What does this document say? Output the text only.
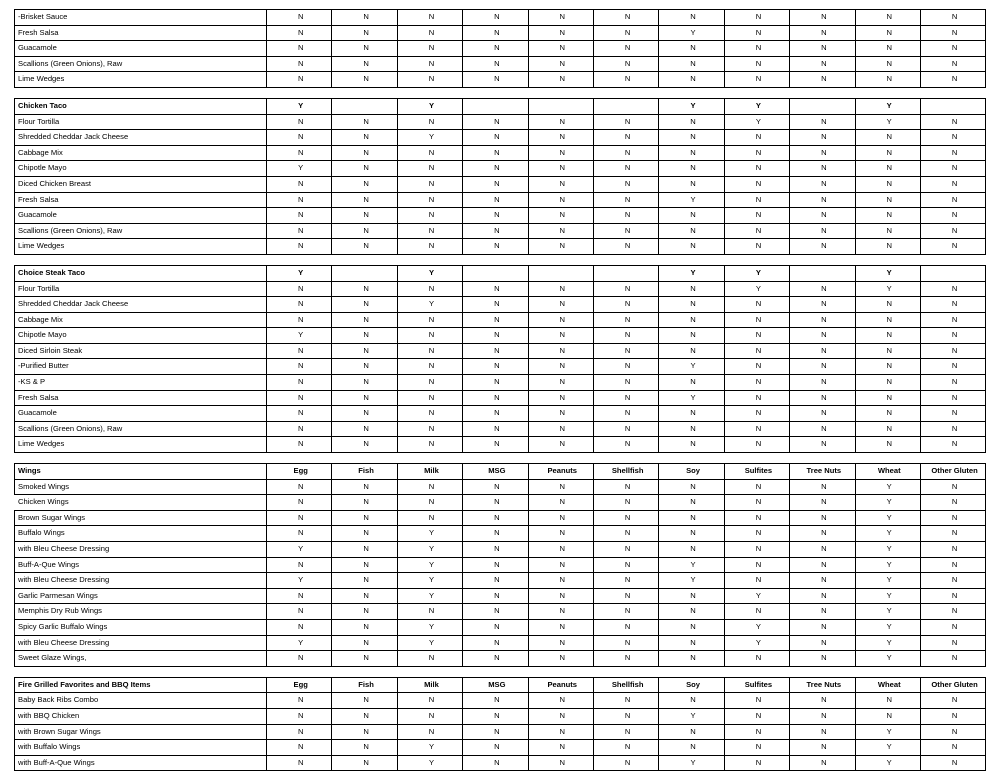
-Brisket Sauce	N	N	N	N	N	N	N	N	N	N	N
Fresh Salsa	N	N	N	N	N	N	Y	N	N	N	N
Guacamole	N	N	N	N	N	N	N	N	N	N	N
Scallions (Green Onions), Raw	N	N	N	N	N	N	N	N	N	N	N
Lime Wedges	N	N	N	N	N	N	N	N	N	N	N

Chicken Taco	Y		Y				Y	Y		Y	
Flour Tortilla	N	N	N	N	N	N	N	Y	N	Y	N
Shredded Cheddar Jack Cheese	N	N	Y	N	N	N	N	N	N	N	N
Cabbage Mix	N	N	N	N	N	N	N	N	N	N	N
Chipotle Mayo	Y	N	N	N	N	N	N	N	N	N	N
Diced Chicken Breast	N	N	N	N	N	N	N	N	N	N	N
Fresh Salsa	N	N	N	N	N	N	Y	N	N	N	N
Guacamole	N	N	N	N	N	N	N	N	N	N	N
Scallions (Green Onions), Raw	N	N	N	N	N	N	N	N	N	N	N
Lime Wedges	N	N	N	N	N	N	N	N	N	N	N

Choice Steak Taco	Y		Y				Y	Y		Y	
Flour Tortilla	N	N	N	N	N	N	N	Y	N	Y	N
Shredded Cheddar Jack Cheese	N	N	Y	N	N	N	N	N	N	N	N
Cabbage Mix	N	N	N	N	N	N	N	N	N	N	N
Chipotle Mayo	Y	N	N	N	N	N	N	N	N	N	N
Diced Sirloin Steak	N	N	N	N	N	N	N	N	N	N	N
-Purified Butter	N	N	N	N	N	N	Y	N	N	N	N
-KS & P	N	N	N	N	N	N	N	N	N	N	N
Fresh Salsa	N	N	N	N	N	N	Y	N	N	N	N
Guacamole	N	N	N	N	N	N	N	N	N	N	N
Scallions (Green Onions), Raw	N	N	N	N	N	N	N	N	N	N	N
Lime Wedges	N	N	N	N	N	N	N	N	N	N	N

Wings	Egg	Fish	Milk	MSG	Peanuts	Shellfish	Soy	Sulfites	Tree Nuts	Wheat	Other Gluten
Smoked Wings	N	N	N	N	N	N	N	N	N	Y	N
Chicken Wings	N	N	N	N	N	N	N	N	N	Y	N
Brown Sugar Wings	N	N	N	N	N	N	N	N	N	Y	N
Buffalo Wings	N	N	Y	N	N	N	N	N	N	Y	N
with Bleu Cheese Dressing	Y	N	Y	N	N	N	N	N	N	Y	N
Buff-A-Que Wings	N	N	Y	N	N	N	Y	N	N	Y	N
with Bleu Cheese Dressing	Y	N	Y	N	N	N	Y	N	N	Y	N
Garlic Parmesan Wings	N	N	Y	N	N	N	N	Y	N	Y	N
Memphis Dry Rub Wings	N	N	N	N	N	N	N	N	N	Y	N
Spicy Garlic Buffalo Wings	N	N	Y	N	N	N	N	Y	N	Y	N
with Bleu Cheese Dressing	Y	N	Y	N	N	N	N	Y	N	Y	N
Sweet Glaze Wings,	N	N	N	N	N	N	N	N	N	Y	N

Fire Grilled Favorites and BBQ Items	Egg	Fish	Milk	MSG	Peanuts	Shellfish	Soy	Sulfites	Tree Nuts	Wheat	Other Gluten
Baby Back Ribs Combo	N	N	N	N	N	N	N	N	N	N	N
with BBQ Chicken	N	N	N	N	N	N	Y	N	N	N	N
with Brown Sugar Wings	N	N	N	N	N	N	N	N	N	Y	N
with Buffalo Wings	N	N	Y	N	N	N	N	N	N	Y	N
with Buff-A-Que Wings	N	N	Y	N	N	N	Y	N	N	Y	N
